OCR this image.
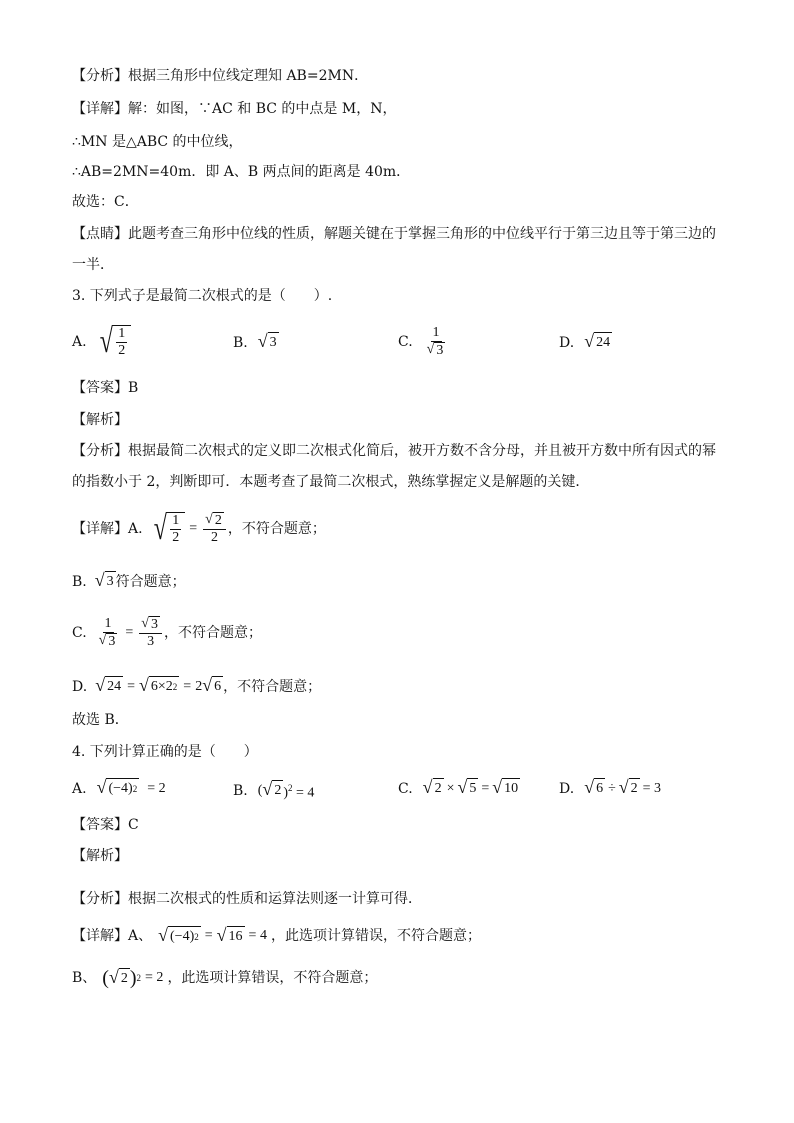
【分析】根据三角形中位线定理知 AB=2MN．
【详解】解：如图，∵AC 和 BC 的中点是 M，N，
∴MN 是△ABC 的中位线，
∴AB=2MN=40m．即 A、B 两点间的距离是 40m．
故选：C．
【点睛】此题考查三角形中位线的性质，解题关键在于掌握三角形的中位线平行于第三边且等于第三边的
一半．
3. 下列式子是最简二次根式的是（　　）.
A. √ $\frac{1}{2}$	B. √ 3	C. $\frac{1}{√ 3}$	D. √ 24
【答案】B
【解析】
【分析】根据最简二次根式的定义即二次根式化简后，被开方数不含分母，并且被开方数中所有因式的幂
的指数小于 2，判断即可．本题考查了最简二次根式，熟练掌握定义是解题的关键．
【详解】 A. √ $\frac{1}{2} = \frac{√ 2}{2}$ ，不符合题意；
B. √ 3 符合题意；
C. $\frac{1}{√ 3} = \frac{√ 3}{3}$ ，不符合题意；
D. √ 24 = √ 6×2 2 = 2 √ 6 ，不符合题意；
故选 B．
4. 下列计算正确的是（　　）
A. √ (−4) 2 = 2	B. ( √ 2 )$^2$ = 4	C. √ 2 × √ 5 = √ 10	D. √ 6 ÷ √ 2 = 3
【答案】C
【解析】
【分析】根据二次根式的性质和运算法则逐一计算可得．
【详解】 A、 √ (−4) 2 = √ 16 = 4 ，此选项计算错误，不符合题意；
B、 ( √ 2 ) 2 = 2 ，此选项计算错误，不符合题意；
